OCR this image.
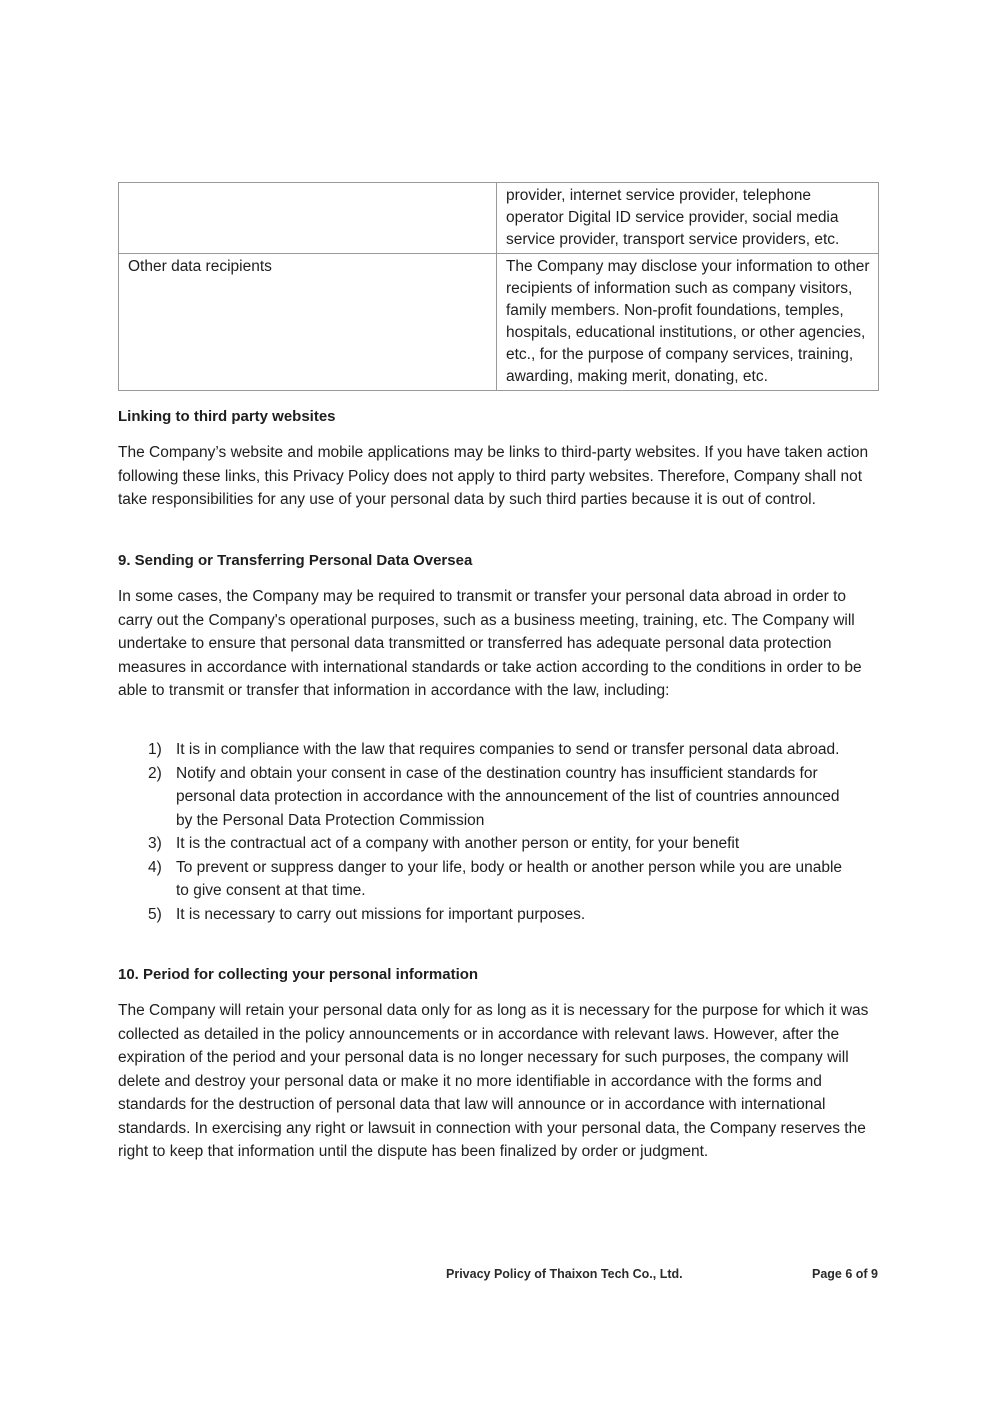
	provider, internet service provider, telephone operator Digital ID service provider, social media service provider, transport service providers, etc.
Other data recipients	The Company may disclose your information to other recipients of information such as company visitors, family members. Non-profit foundations, temples, hospitals, educational institutions, or other agencies, etc., for the purpose of company services, training, awarding, making merit, donating, etc.
Linking to third party websites
The Company’s website and mobile applications may be links to third-party websites. If you have taken action following these links, this Privacy Policy does not apply to third party websites. Therefore, Company shall not take responsibilities for any use of your personal data by such third parties because it is out of control.
9. Sending or Transferring Personal Data Oversea
In some cases, the Company may be required to transmit or transfer your personal data abroad in order to carry out the Company's operational purposes, such as a business meeting, training, etc. The Company will undertake to ensure that personal data transmitted or transferred has adequate personal data protection measures in accordance with international standards or take action according to the conditions in order to be able to transmit or transfer that information in accordance with the law, including:
1) It is in compliance with the law that requires companies to send or transfer personal data abroad.
2) Notify and obtain your consent in case of the destination country has insufficient standards for personal data protection in accordance with the announcement of the list of countries announced by the Personal Data Protection Commission
3) It is the contractual act of a company with another person or entity, for your benefit
4) To prevent or suppress danger to your life, body or health or another person while you are unable to give consent at that time.
5) It is necessary to carry out missions for important purposes.
10. Period for collecting your personal information
The Company will retain your personal data only for as long as it is necessary for the purpose for which it was collected as detailed in the policy announcements or in accordance with relevant laws. However, after the expiration of the period and your personal data is no longer necessary for such purposes, the company will delete and destroy your personal data or make it no more identifiable in accordance with the forms and standards for the destruction of personal data that law will announce or in accordance with international standards. In exercising any right or lawsuit in connection with your personal data, the Company reserves the right to keep that information until the dispute has been finalized by order or judgment.
Privacy Policy of Thaixon Tech Co., Ltd.	Page 6 of 9
